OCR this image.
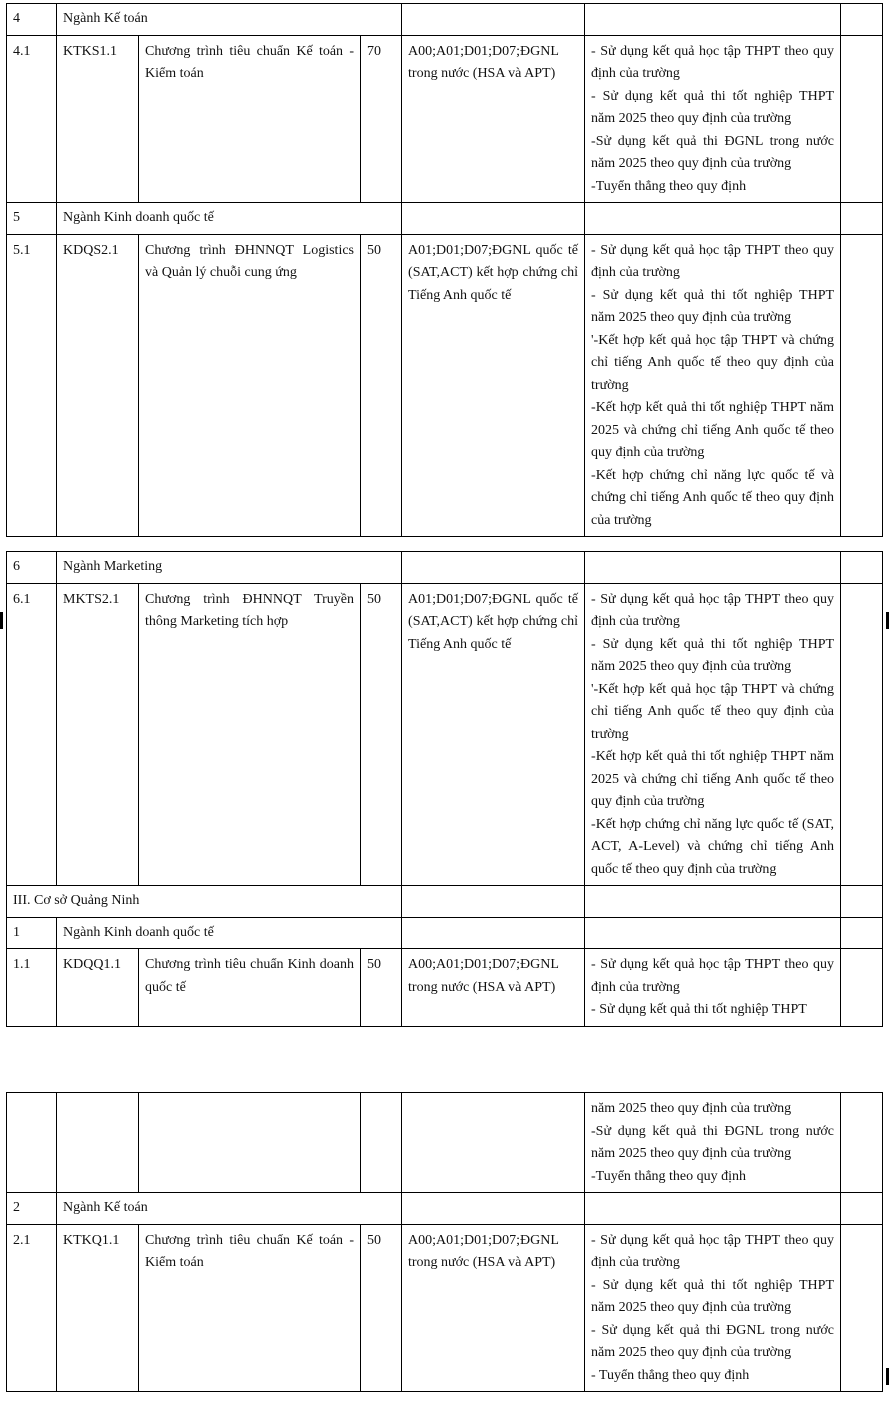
4	Ngành Kế toán					
4.1	KTKS1.1	Chương trình tiêu chuẩn Kế toán -Kiểm toán	70	A00;A01;D01;D07;ĐGNL trong nước (HSA và APT)	- Sử dụng kết quả học tập THPT theo quy định của trường
- Sử dụng kết quả thi tốt nghiệp THPT năm 2025 theo quy định của trường
-Sử dụng kết quả thi ĐGNL trong nước năm 2025 theo quy định của trường
-Tuyển thẳng theo quy định	

5	Ngành Kinh doanh quốc tế					
5.1	KDQS2.1	Chương trình ĐHNNQT Logistics và Quản lý chuỗi cung ứng	50	A01;D01;D07;ĐGNL quốc tế (SAT,ACT) kết hợp chứng chỉ Tiếng Anh quốc tế	- Sử dụng kết quả học tập THPT theo quy định của trường
- Sử dụng kết quả thi tốt nghiệp THPT năm 2025 theo quy định của trường
'-Kết hợp kết quả học tập THPT và chứng chỉ tiếng Anh quốc tế theo quy định của trường
-Kết hợp kết quả thi tốt nghiệp THPT năm 2025 và chứng chỉ tiếng Anh quốc tế theo quy định của trường
-Kết hợp chứng chỉ năng lực quốc tế và chứng chỉ tiếng Anh quốc tế theo quy định của trường	

6	Ngành Marketing					
6.1	MKTS2.1	Chương trình ĐHNNQT Truyền thông Marketing tích hợp	50	A01;D01;D07;ĐGNL quốc tế (SAT,ACT) kết hợp chứng chỉ Tiếng Anh quốc tế	- Sử dụng kết quả học tập THPT theo quy định của trường
- Sử dụng kết quả thi tốt nghiệp THPT năm 2025 theo quy định của trường
'-Kết hợp kết quả học tập THPT và chứng chỉ tiếng Anh quốc tế theo quy định của trường
-Kết hợp kết quả thi tốt nghiệp THPT năm 2025 và chứng chỉ tiếng Anh quốc tế theo quy định của trường
-Kết hợp chứng chỉ năng lực quốc tế (SAT, ACT, A-Level) và chứng chỉ tiếng Anh quốc tế theo quy định của trường	

III. Cơ sở Quảng Ninh						
1	Ngành Kinh doanh quốc tế					
1.1	KDQQ1.1	Chương trình tiêu chuẩn Kinh doanh quốc tế	50	A00;A01;D01;D07;ĐGNL trong nước (HSA và APT)	- Sử dụng kết quả học tập THPT theo quy định của trường
- Sử dụng kết quả thi tốt nghiệp THPT	

					năm 2025 theo quy định của trường
-Sử dụng kết quả thi ĐGNL trong nước năm 2025 theo quy định của trường
-Tuyển thẳng theo quy định	

2	Ngành Kế toán					
2.1	KTKQ1.1	Chương trình tiêu chuẩn Kế toán - Kiểm toán	50	A00;A01;D01;D07;ĐGNL trong nước (HSA và APT)	- Sử dụng kết quả học tập THPT theo quy định của trường
- Sử dụng kết quả thi tốt nghiệp THPT năm 2025 theo quy định của trường
- Sử dụng kết quả thi ĐGNL trong nước năm 2025 theo quy định của trường
- Tuyển thẳng theo quy định	
